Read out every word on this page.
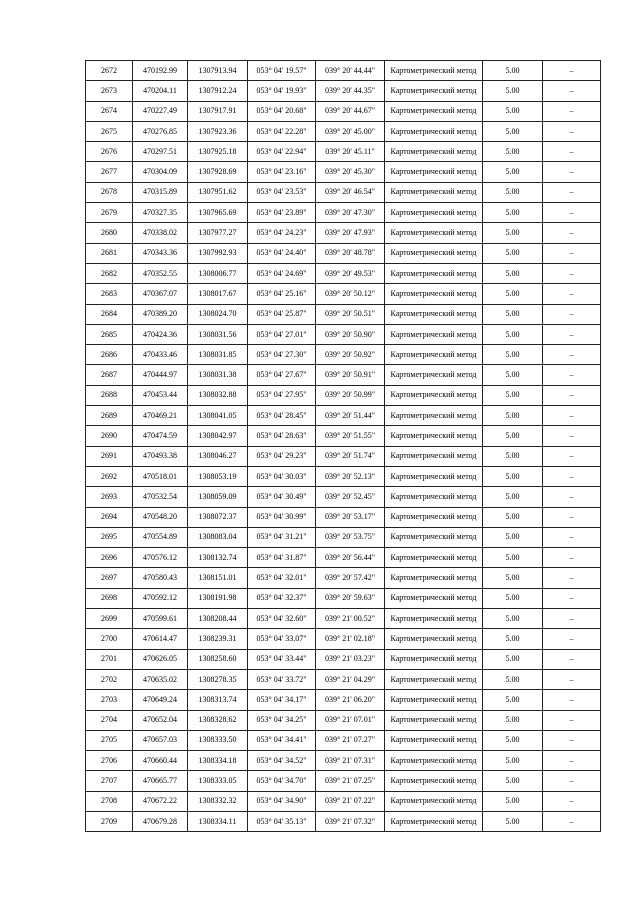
2672	470192.99	1307913.94	053° 04' 19.57"	039° 20' 44.44"	Картометрический метод	5.00	–
2673	470204.11	1307912.24	053° 04' 19.93"	039° 20' 44.35"	Картометрический метод	5.00	–
2674	470227.49	1307917.91	053° 04' 20.68"	039° 20' 44.67"	Картометрический метод	5.00	–
2675	470276.85	1307923.36	053° 04' 22.28"	039° 20' 45.00"	Картометрический метод	5.00	–
2676	470297.51	1307925.18	053° 04' 22.94"	039° 20' 45.11"	Картометрический метод	5.00	–
2677	470304.09	1307928.69	053° 04' 23.16"	039° 20' 45.30"	Картометрический метод	5.00	–
2678	470315.89	1307951.62	053° 04' 23.53"	039° 20' 46.54"	Картометрический метод	5.00	–
2679	470327.35	1307965.69	053° 04' 23.89"	039° 20' 47.30"	Картометрический метод	5.00	–
2680	470338.02	1307977.27	053° 04' 24.23"	039° 20' 47.93"	Картометрический метод	5.00	–
2681	470343.36	1307992.93	053° 04' 24.40"	039° 20' 48.78"	Картометрический метод	5.00	–
2682	470352.55	1308006.77	053° 04' 24.69"	039° 20' 49.53"	Картометрический метод	5.00	–
2683	470367.07	1308017.67	053° 04' 25.16"	039° 20' 50.12"	Картометрический метод	5.00	–
2684	470389.20	1308024.70	053° 04' 25.87"	039° 20' 50.51"	Картометрический метод	5.00	–
2685	470424.36	1308031.56	053° 04' 27.01"	039° 20' 50.90"	Картометрический метод	5.00	–
2686	470433.46	1308031.85	053° 04' 27.30"	039° 20' 50.92"	Картометрический метод	5.00	–
2687	470444.97	1308031.38	053° 04' 27.67"	039° 20' 50.91"	Картометрический метод	5.00	–
2688	470453.44	1308032.88	053° 04' 27.95"	039° 20' 50.99"	Картометрический метод	5.00	–
2689	470469.21	1308041.05	053° 04' 28.45"	039° 20' 51.44"	Картометрический метод	5.00	–
2690	470474.59	1308042.97	053° 04' 28.63"	039° 20' 51.55"	Картометрический метод	5.00	–
2691	470493.38	1308046.27	053° 04' 29.23"	039° 20' 51.74"	Картометрический метод	5.00	–
2692	470518.01	1308053.19	053° 04' 30.03"	039° 20' 52.13"	Картометрический метод	5.00	–
2693	470532.54	1308059.09	053° 04' 30.49"	039° 20' 52.45"	Картометрический метод	5.00	–
2694	470548.20	1308072.37	053° 04' 30.99"	039° 20' 53.17"	Картометрический метод	5.00	–
2695	470554.89	1308083.04	053° 04' 31.21"	039° 20' 53.75"	Картометрический метод	5.00	–
2696	470576.12	1308132.74	053° 04' 31.87"	039° 20' 56.44"	Картометрический метод	5.00	–
2697	470580.43	1308151.01	053° 04' 32.01"	039° 20' 57.42"	Картометрический метод	5.00	–
2698	470592.12	1308191.98	053° 04' 32.37"	039° 20' 59.63"	Картометрический метод	5.00	–
2699	470599.61	1308208.44	053° 04' 32.60"	039° 21' 00.52"	Картометрический метод	5.00	–
2700	470614.47	1308239.31	053° 04' 33.07"	039° 21' 02.18"	Картометрический метод	5.00	–
2701	470626.05	1308258.60	053° 04' 33.44"	039° 21' 03.23"	Картометрический метод	5.00	–
2702	470635.02	1308278.35	053° 04' 33.72"	039° 21' 04.29"	Картометрический метод	5.00	–
2703	470649.24	1308313.74	053° 04' 34.17"	039° 21' 06.20"	Картометрический метод	5.00	–
2704	470652.04	1308328.62	053° 04' 34.25"	039° 21' 07.01"	Картометрический метод	5.00	–
2705	470657.03	1308333.50	053° 04' 34.41"	039° 21' 07.27"	Картометрический метод	5.00	–
2706	470660.44	1308334.18	053° 04' 34.52"	039° 21' 07.31"	Картометрический метод	5.00	–
2707	470665.77	1308333.05	053° 04' 34.70"	039° 21' 07.25"	Картометрический метод	5.00	–
2708	470672.22	1308332.32	053° 04' 34.90"	039° 21' 07.22"	Картометрический метод	5.00	–
2709	470679.28	1308334.11	053° 04' 35.13"	039° 21' 07.32"	Картометрический метод	5.00	–
